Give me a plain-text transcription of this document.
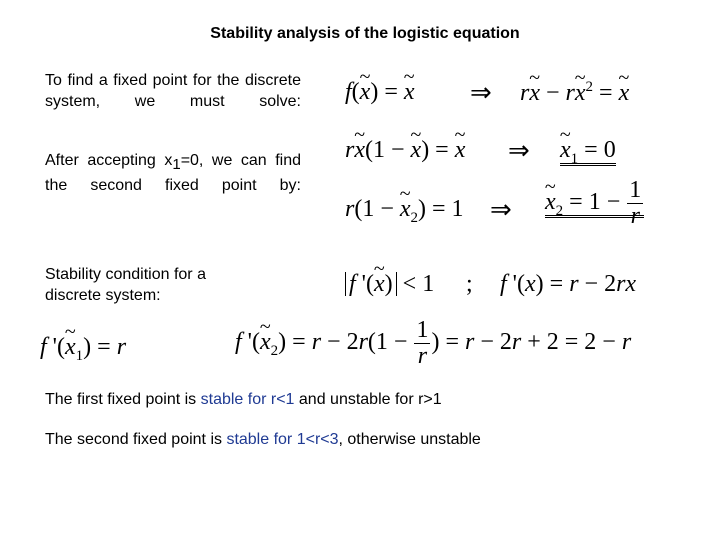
Stability analysis of the logistic equation
To find a fixed point for the discrete system, we must solve:
After accepting $x_1=0$, we can find the second fixed point by:
Stability condition for a discrete system:
f(~ x) = ~ x ⇒ r~ x − r~ $x^2$ = ~ x
r~ x(1 − ~ x) = ~ x ⇒ ~ $x_1 = 0$
r(1 − ~ $x_2) = 1$ ⇒ ~ $x_2 = 1 - \frac{1}{r}$
f '(~ x) < 1 ; f '(x) = r − 2rx
f '(~ $x_1) = r$	f '(~ $x_2) = r - 2r(1 - \frac{1}{r}$ ) = r − 2r + 2 = 2 − r
The first fixed point is stable for r<1 and unstable for r>1
The second fixed point is stable for 1<r<3, otherwise unstable
